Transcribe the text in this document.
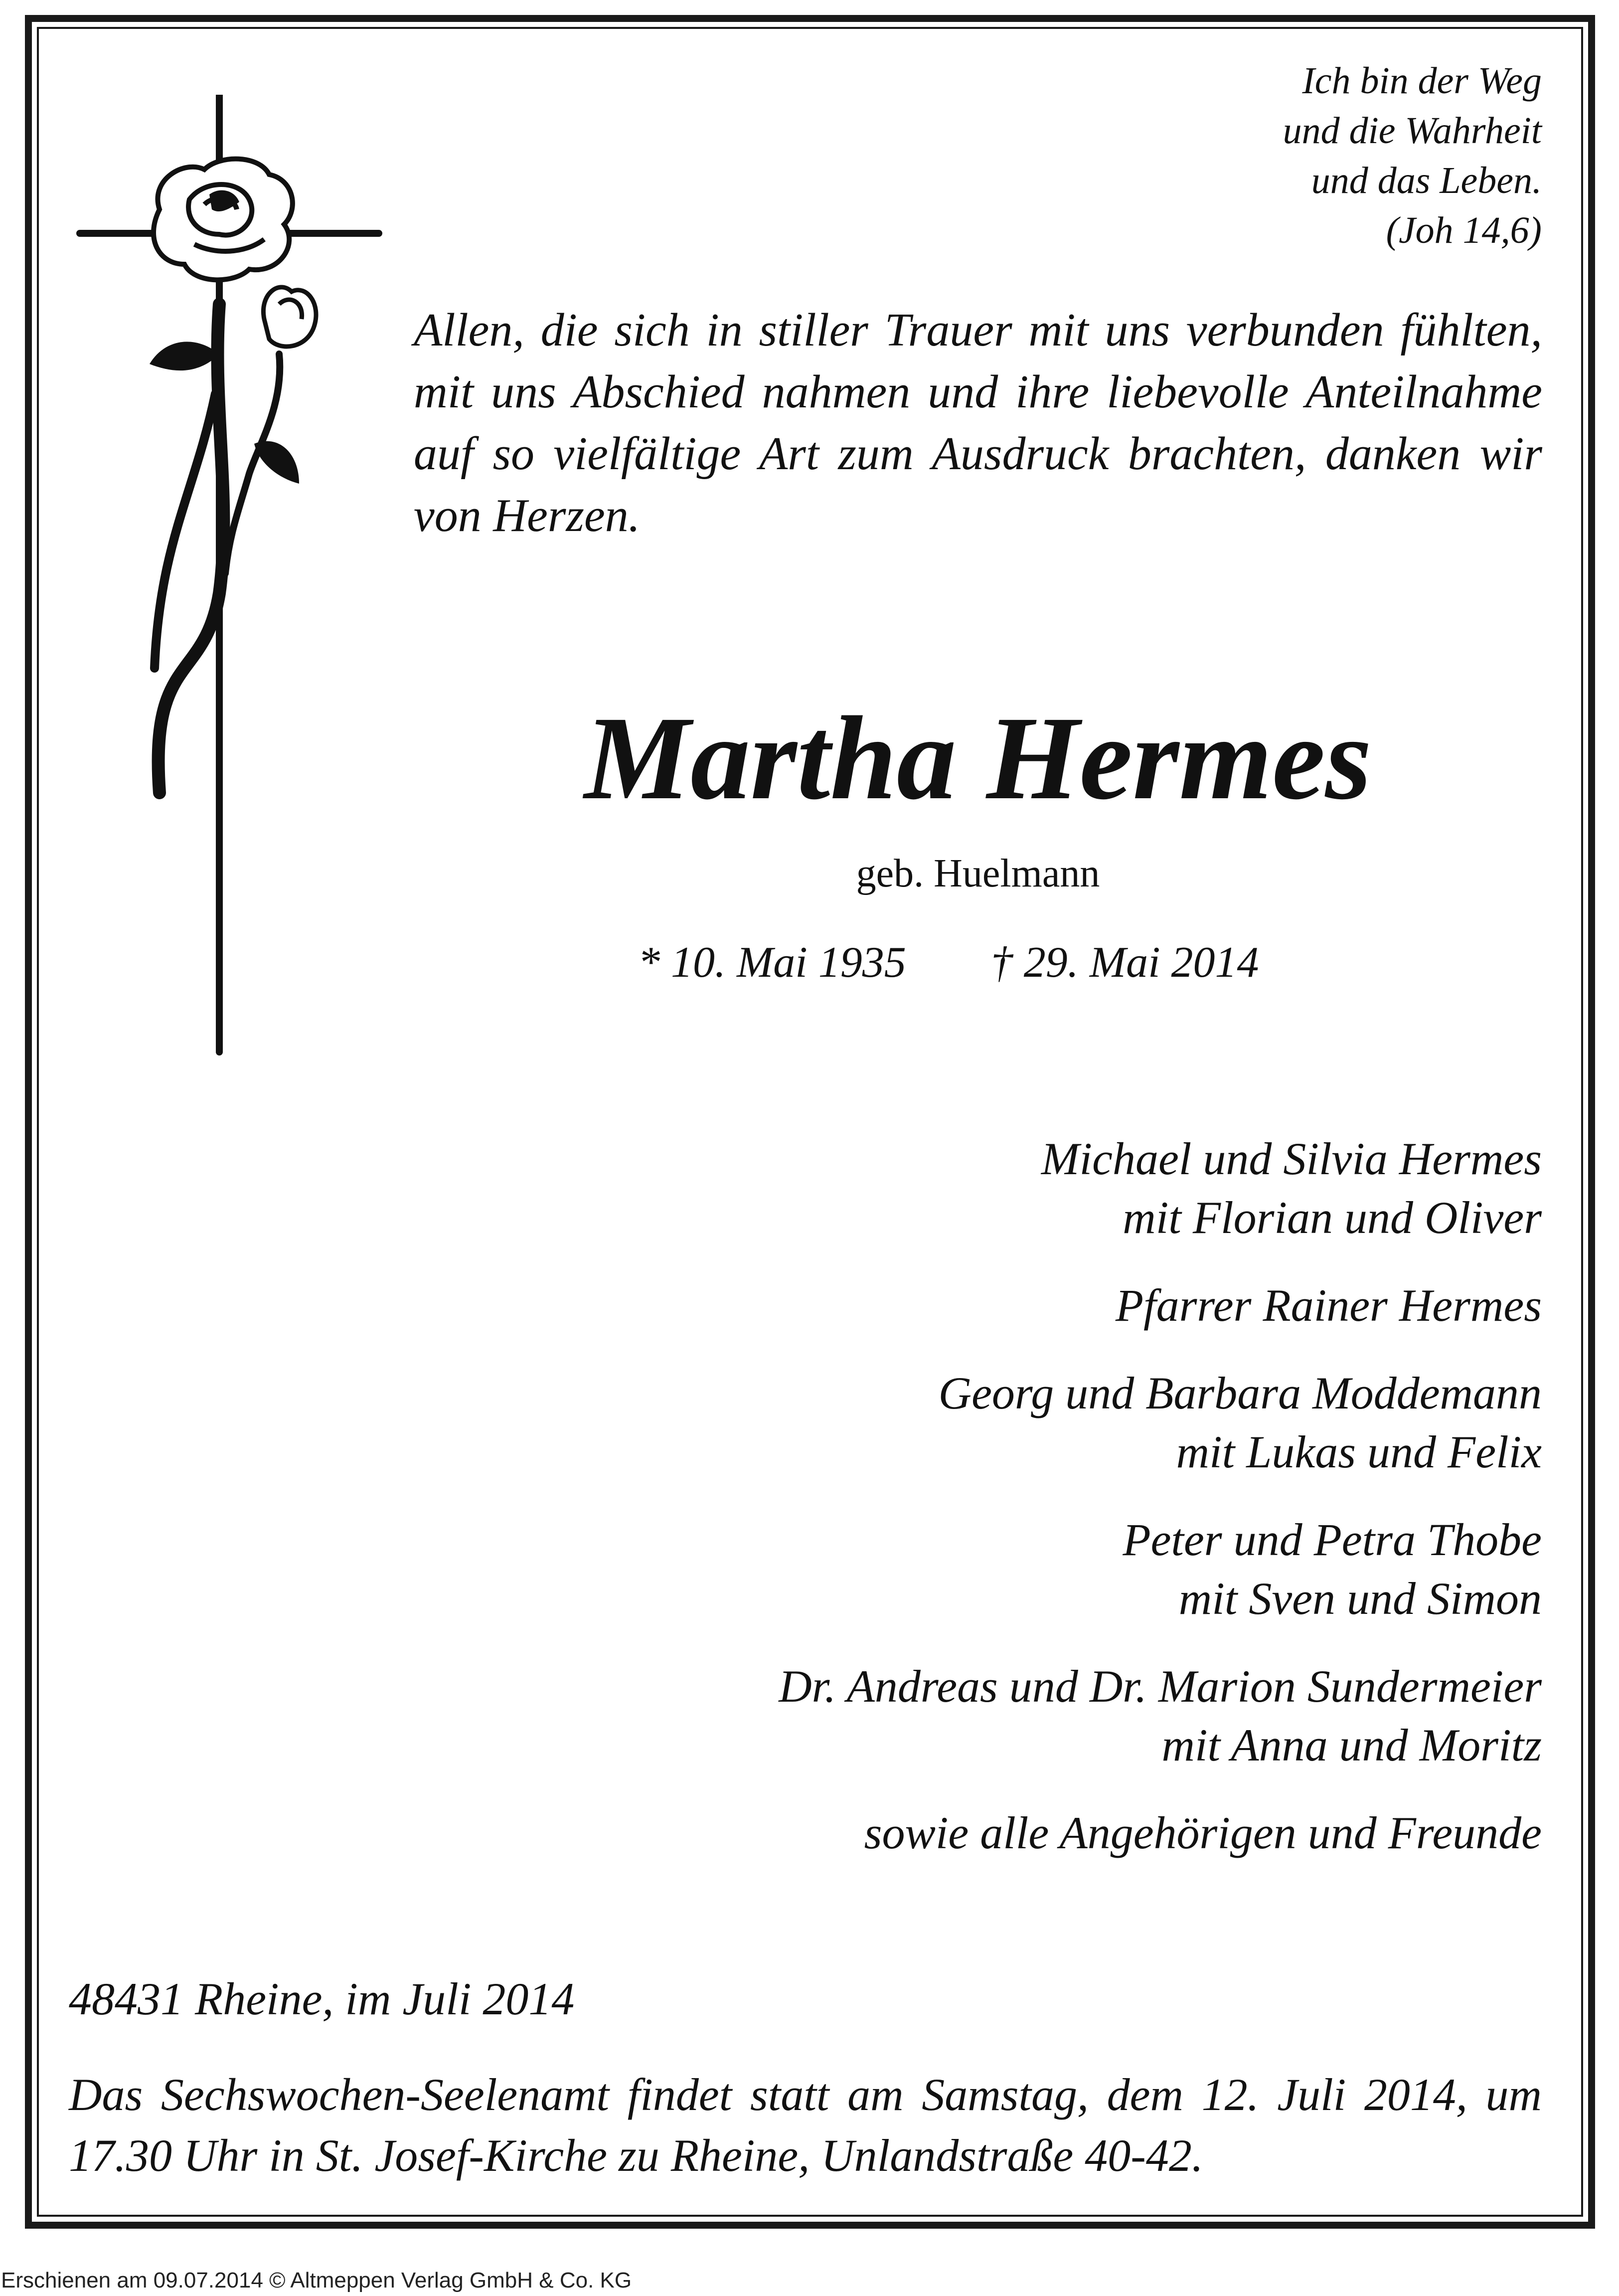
Ich bin der Weg
und die Wahrheit
und das Leben.
(Joh 14,6)
Allen, die sich in stiller Trauer mit uns verbunden fühlten, mit uns Abschied nahmen und ihre liebevolle Anteilnahme auf so vielfältige Art zum Ausdruck brachten, danken wir von Herzen.
Martha Hermes
geb. Huelmann
* 10. Mai 1935 † 29. Mai 2014
Michael und Silvia Hermes
mit Florian und Oliver
Pfarrer Rainer Hermes
Georg und Barbara Moddemann
mit Lukas und Felix
Peter und Petra Thobe
mit Sven und Simon
Dr. Andreas und Dr. Marion Sundermeier
mit Anna und Moritz
sowie alle Angehörigen und Freunde
48431 Rheine, im Juli 2014
Das Sechswochen-Seelenamt findet statt am Samstag, dem 12. Juli 2014, um 17.30 Uhr in St. Josef-Kirche zu Rheine, Unlandstraße 40-42.
Erschienen am 09.07.2014 © Altmeppen Verlag GmbH & Co. KG
